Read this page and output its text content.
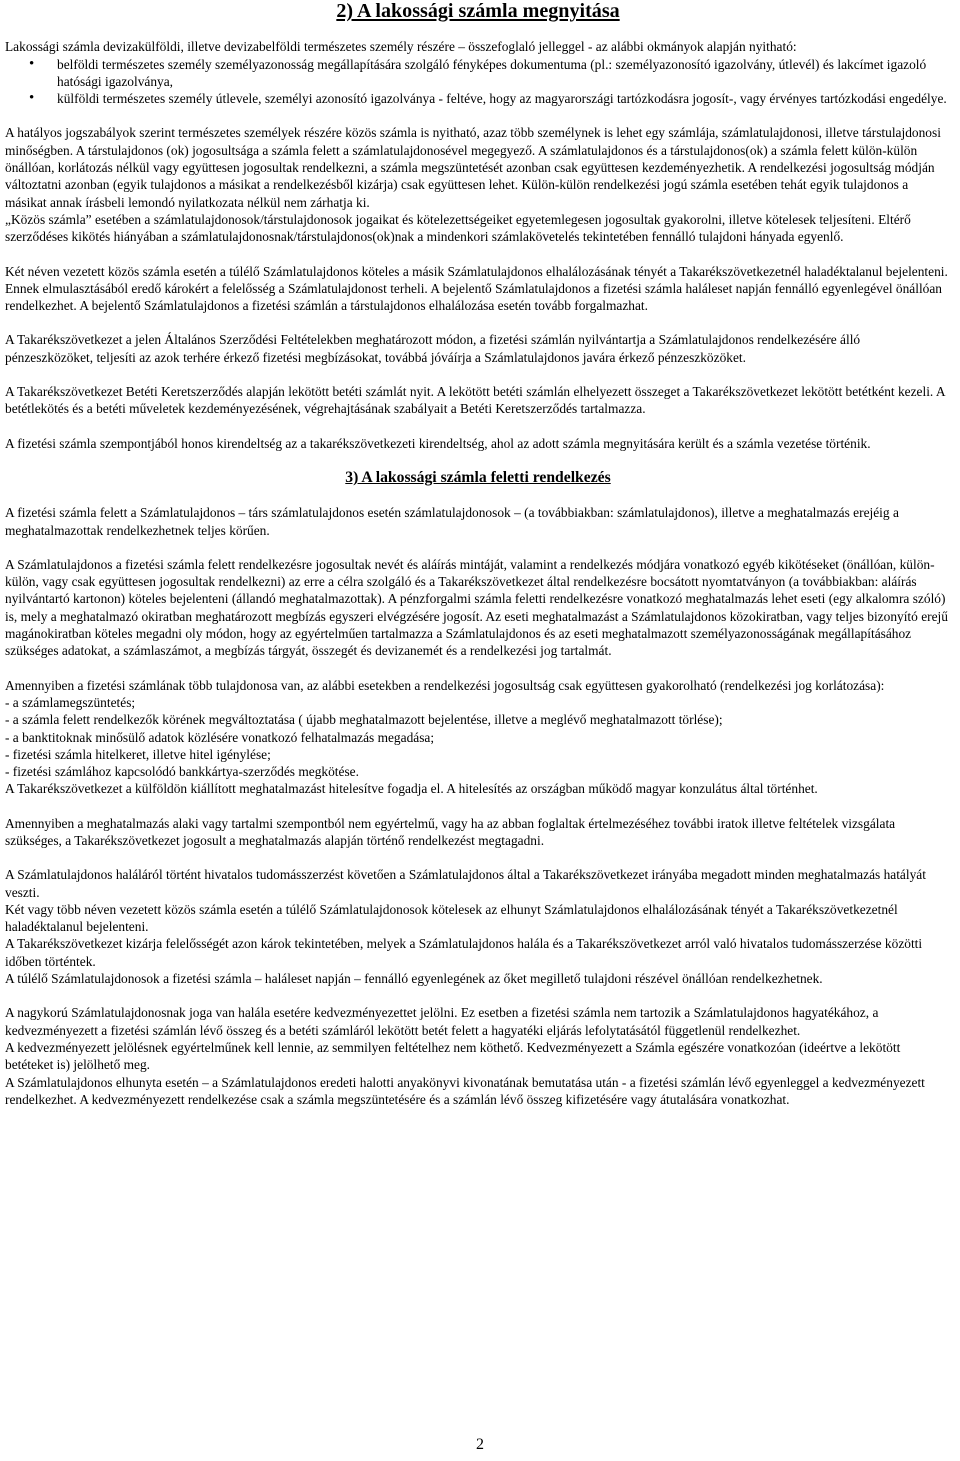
2) A lakossági számla megnyitása

Lakossági számla devizakülföldi, illetve devizabelföldi természetes személy részére – összefoglaló jelleggel - az alábbi okmányok alapján nyitható:

• belföldi természetes személy személyazonosság megállapítására szolgáló fényképes dokumentuma (pl.: személyazonosító igazolvány, útlevél) és lakcímet igazoló hatósági igazolványa,
• külföldi természetes személy útlevele, személyi azonosító igazolványa - feltéve, hogy az magyarországi tartózkodásra jogosít-, vagy érvényes tartózkodási engedélye.

A hatályos jogszabályok szerint természetes személyek részére közös számla is nyitható, azaz több személynek is lehet egy számlája, számlatulajdonosi, illetve társtulajdonosi minőségben. A társtulajdonos (ok) jogosultsága a számla felett a számlatulajdonosével megegyező. A számlatulajdonos és a társtulajdonos(ok) a számla felett külön-külön önállóan, korlátozás nélkül vagy együttesen jogosultak rendelkezni, a számla megszüntetését azonban csak együttesen kezdeményezhetik. A rendelkezési jogosultság módján változtatni azonban (egyik tulajdonos a másikat a rendelkezésből kizárja) csak együttesen lehet. Külön-külön rendelkezési jogú számla esetében tehát egyik tulajdonos a másikat annak írásbeli lemondó nyilatkozata nélkül nem zárhatja ki.

„Közös számla” esetében a számlatulajdonosok/társtulajdonosok jogaikat és kötelezettségeiket egyetemlegesen jogosultak gyakorolni, illetve kötelesek teljesíteni. Eltérő szerződéses kikötés hiányában a számlatulajdonosnak/társtulajdonos(ok)nak a mindenkori számlakövetelés tekintetében fennálló tulajdoni hányada egyenlő.

Két néven vezetett közös számla esetén a túlélő Számlatulajdonos köteles a másik Számlatulajdonos elhalálozásának tényét a Takarékszövetkezetnél haladéktalanul bejelenteni. Ennek elmulasztásából eredő károkért a felelősség a Számlatulajdonost terheli. A bejelentő Számlatulajdonos a fizetési számla haláleset napján fennálló egyenlegével önállóan rendelkezhet. A bejelentő Számlatulajdonos a fizetési számlán a társtulajdonos elhalálozása esetén tovább forgalmazhat.

A Takarékszövetkezet a jelen Általános Szerződési Feltételekben meghatározott módon, a fizetési számlán nyilvántartja a Számlatulajdonos rendelkezésére álló pénzeszközöket, teljesíti az azok terhére érkező fizetési megbízásokat, továbbá jóváírja a Számlatulajdonos javára érkező pénzeszközöket.

A Takarékszövetkezet Betéti Keretszerződés alapján lekötött betéti számlát nyit. A lekötött betéti számlán elhelyezett összeget a Takarékszövetkezet lekötött betétként kezeli. A betétlekötés és a betéti műveletek kezdeményezésének, végrehajtásának szabályait a Betéti Keretszerződés tartalmazza.

A fizetési számla szempontjából honos kirendeltség az a takarékszövetkezeti kirendeltség, ahol az adott számla megnyitására került és a számla vezetése történik.

3) A lakossági számla feletti rendelkezés

A fizetési számla felett a Számlatulajdonos – társ számlatulajdonos esetén számlatulajdonosok – (a továbbiakban: számlatulajdonos), illetve a meghatalmazás erejéig a meghatalmazottak rendelkezhetnek teljes körűen.

A Számlatulajdonos a fizetési számla felett rendelkezésre jogosultak nevét és aláírás mintáját, valamint a rendelkezés módjára vonatkozó egyéb kikötéseket (önállóan, külön-külön, vagy csak együttesen jogosultak rendelkezni) az erre a célra szolgáló és a Takarékszövetkezet által rendelkezésre bocsátott nyomtatványon (a továbbiakban: aláírás nyilvántartó kartonon) köteles bejelenteni (állandó meghatalmazottak). A pénzforgalmi számla feletti rendelkezésre vonatkozó meghatalmazás lehet eseti (egy alkalomra szóló) is, mely a meghatalmazó okiratban meghatározott megbízás egyszeri elvégzésére jogosít. Az eseti meghatalmazást a Számlatulajdonos közokiratban, vagy teljes bizonyító erejű magánokiratban köteles megadni oly módon, hogy az egyértelműen tartalmazza a Számlatulajdonos és az eseti meghatalmazott személyazonosságának megállapításához szükséges adatokat, a számlaszámot, a megbízás tárgyát, összegét és devizanemét és a rendelkezési jog tartalmát.

Amennyiben a fizetési számlának több tulajdonosa van, az alábbi esetekben a rendelkezési jogosultság csak együttesen gyakorolható (rendelkezési jog korlátozása):

- a számlamegszüntetés;
- a számla felett rendelkezők körének megváltoztatása ( újabb meghatalmazott bejelentése, illetve a meglévő meghatalmazott törlése);
- a banktitoknak minősülő adatok közlésére vonatkozó felhatalmazás megadása;
- fizetési számla hitelkeret, illetve hitel igénylése;
- fizetési számlához kapcsolódó bankkártya-szerződés megkötése.

A Takarékszövetkezet a külföldön kiállított meghatalmazást hitelesítve fogadja el. A hitelesítés az országban működő magyar konzulátus által történhet.

Amennyiben a meghatalmazás alaki vagy tartalmi szempontból nem egyértelmű, vagy ha az abban foglaltak értelmezéséhez további iratok illetve feltételek vizsgálata szükséges, a Takarékszövetkezet jogosult a meghatalmazás alapján történő rendelkezést megtagadni.

A Számlatulajdonos haláláról történt hivatalos tudomásszerzést követően a Számlatulajdonos által a Takarékszövetkezet irányába megadott minden meghatalmazás hatályát veszti.

Két vagy több néven vezetett közös számla esetén a túlélő Számlatulajdonosok kötelesek az elhunyt Számlatulajdonos elhalálozásának tényét a Takarékszövetkezetnél haladéktalanul bejelenteni.

A Takarékszövetkezet kizárja felelősségét azon károk tekintetében, melyek a Számlatulajdonos halála és a Takarékszövetkezet arról való hivatalos tudomásszerzése közötti időben történtek.

A túlélő Számlatulajdonosok a fizetési számla – haláleset napján – fennálló egyenlegének az őket megillető tulajdoni részével önállóan rendelkezhetnek.

A nagykorú Számlatulajdonosnak joga van halála esetére kedvezményezettet jelölni. Ez esetben a fizetési számla nem tartozik a Számlatulajdonos hagyatékához, a kedvezményezett a fizetési számlán lévő összeg és a betéti számláról lekötött betét felett a hagyatéki eljárás lefolytatásától függetlenül rendelkezhet.

A kedvezményezett jelölésnek egyértelműnek kell lennie, az semmilyen feltételhez nem köthető. Kedvezményezett a Számla egészére vonatkozóan (ideértve a lekötött betéteket is) jelölhető meg.

A Számlatulajdonos elhunyta esetén – a Számlatulajdonos eredeti halotti anyakönyvi kivonatának bemutatása után - a fizetési számlán lévő egyenleggel a kedvezményezett rendelkezhet. A kedvezményezett rendelkezése csak a számla megszüntetésére és a számlán lévő összeg kifizetésére vagy átutalására vonatkozhat.

2
